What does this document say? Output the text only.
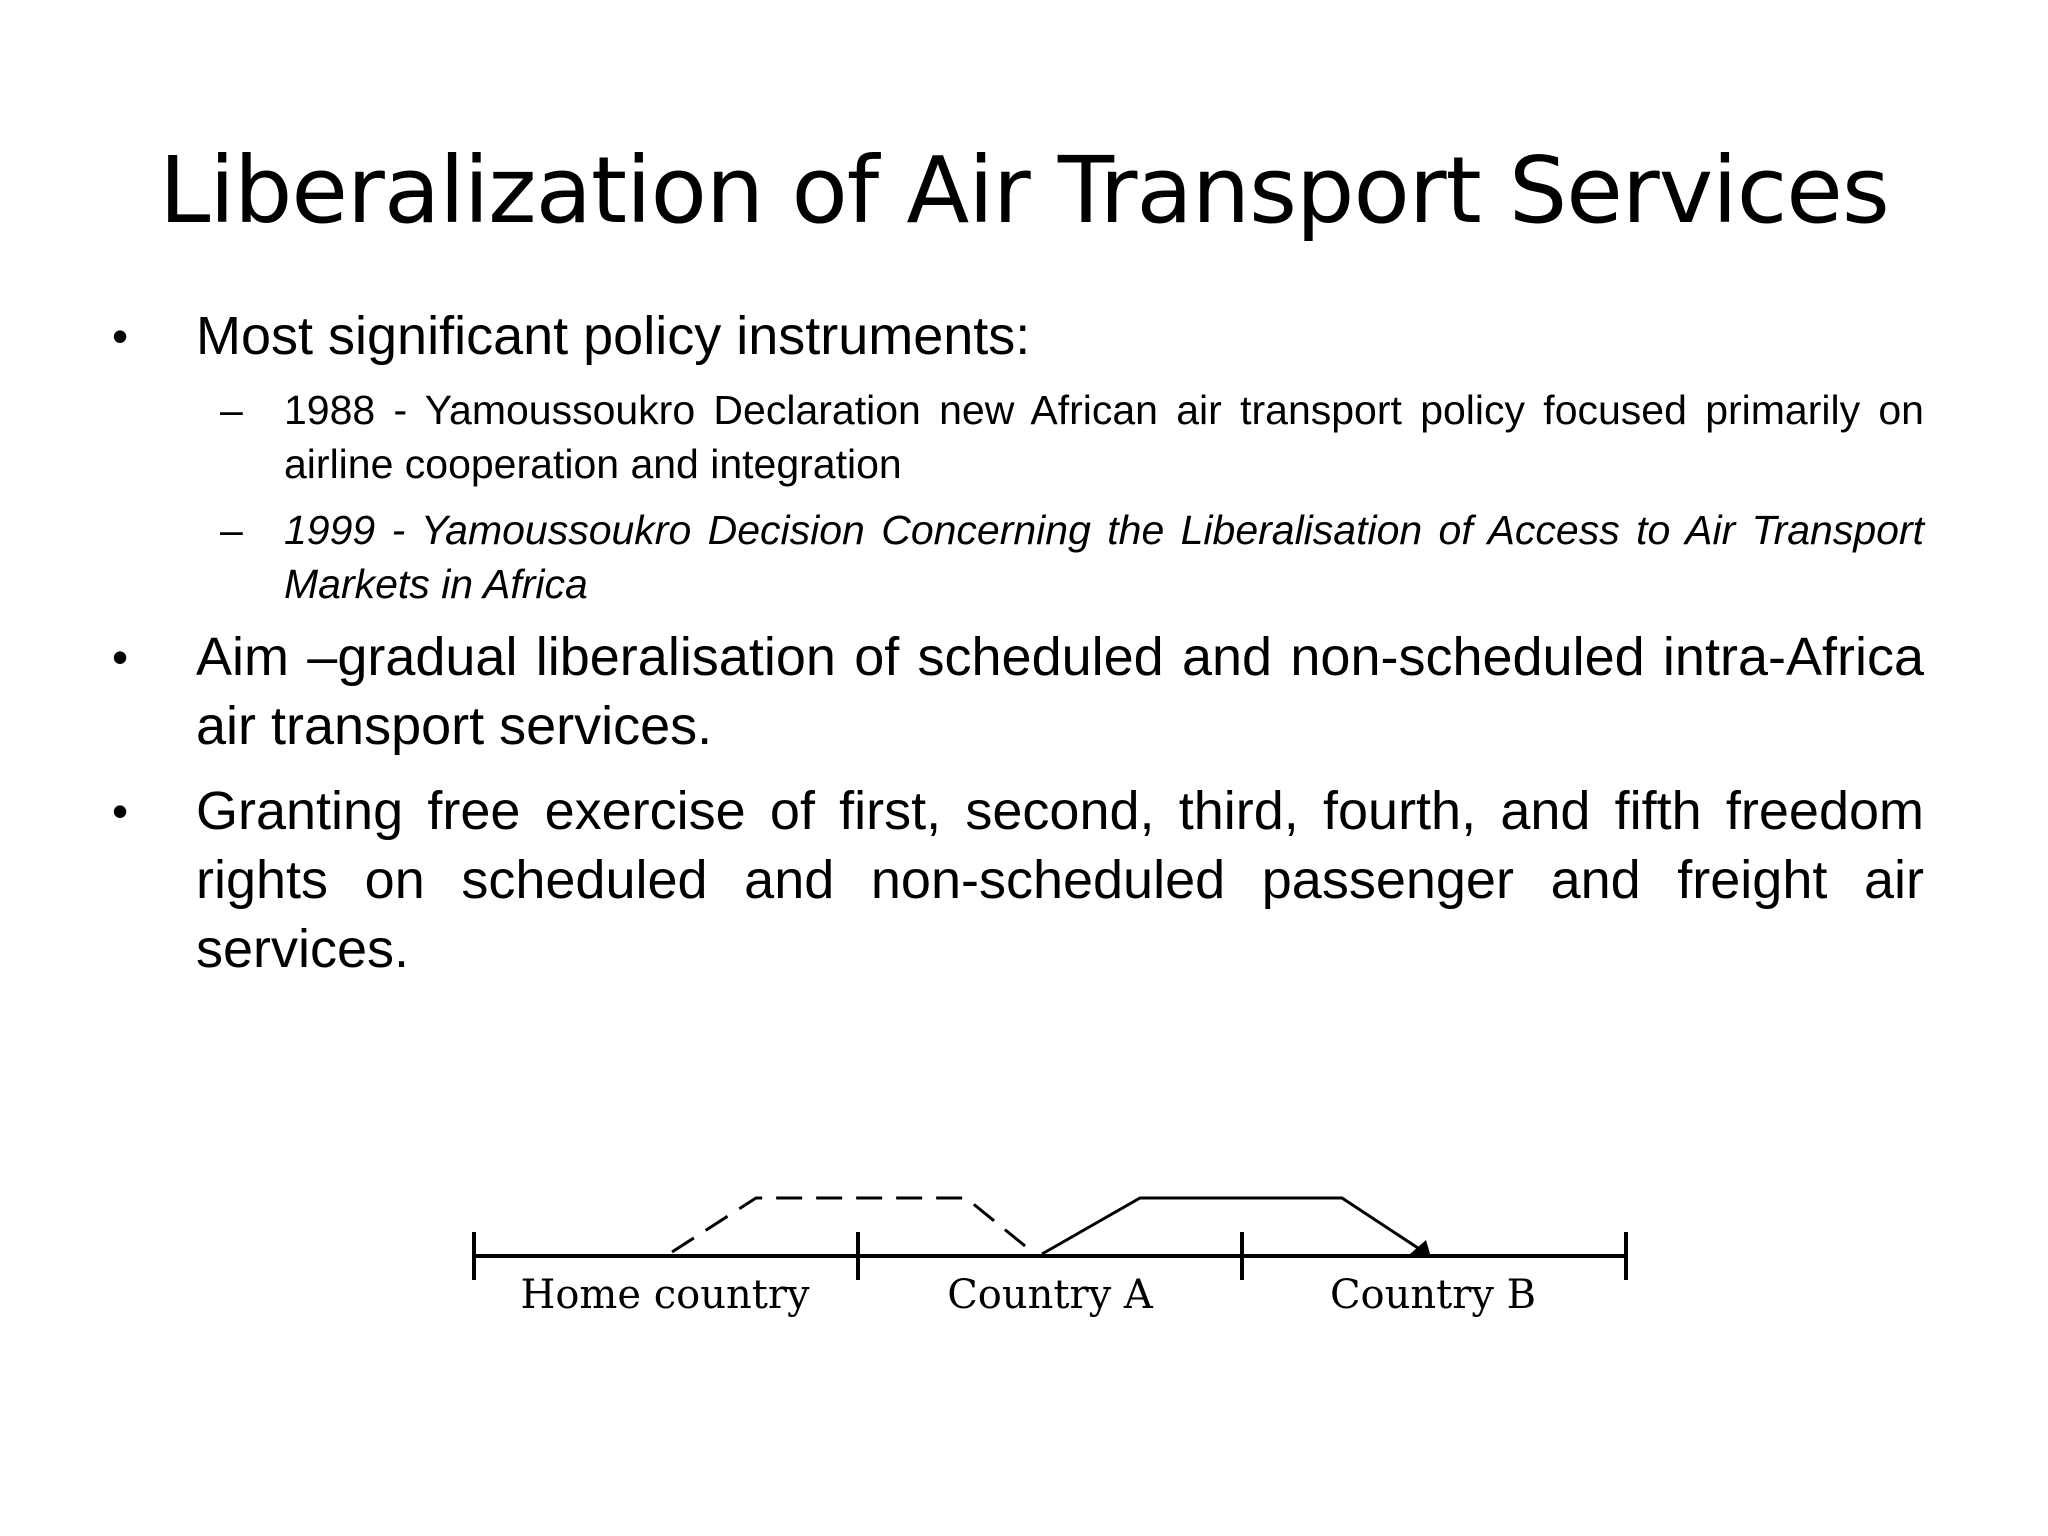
Liberalization of Air Transport Services
• Most significant policy instruments:
– 1988 - Yamoussoukro Declaration new African air transport policy focused primarily on airline cooperation and integration
– 1999 - Yamoussoukro Decision Concerning the Liberalisation of Access to Air Transport Markets in Africa
• Aim –gradual liberalisation of scheduled and non-scheduled intra-Africa air transport services.
• Granting free exercise of first, second, third, fourth, and fifth freedom rights on scheduled and non-scheduled passenger and freight air services.
Home country	Country A	Country B
